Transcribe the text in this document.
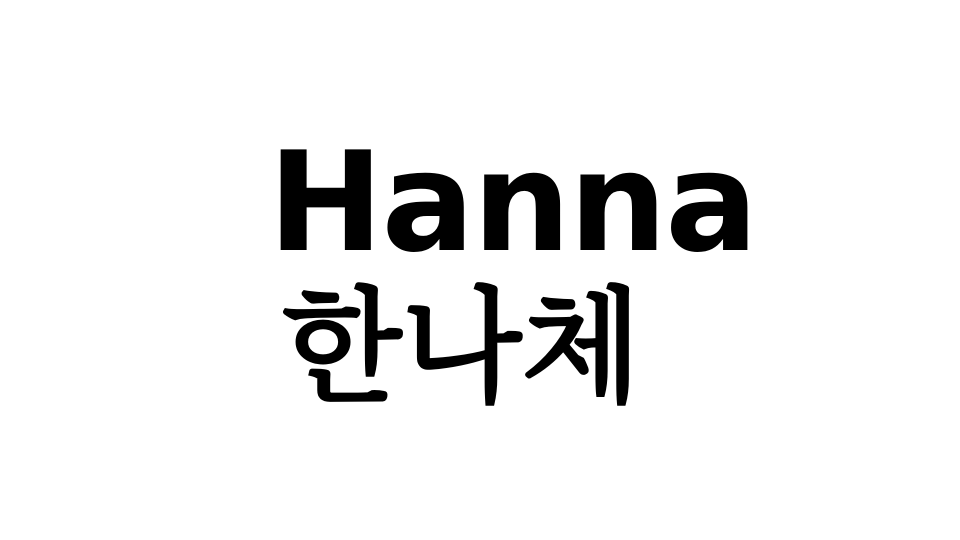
Hanna
한나체
